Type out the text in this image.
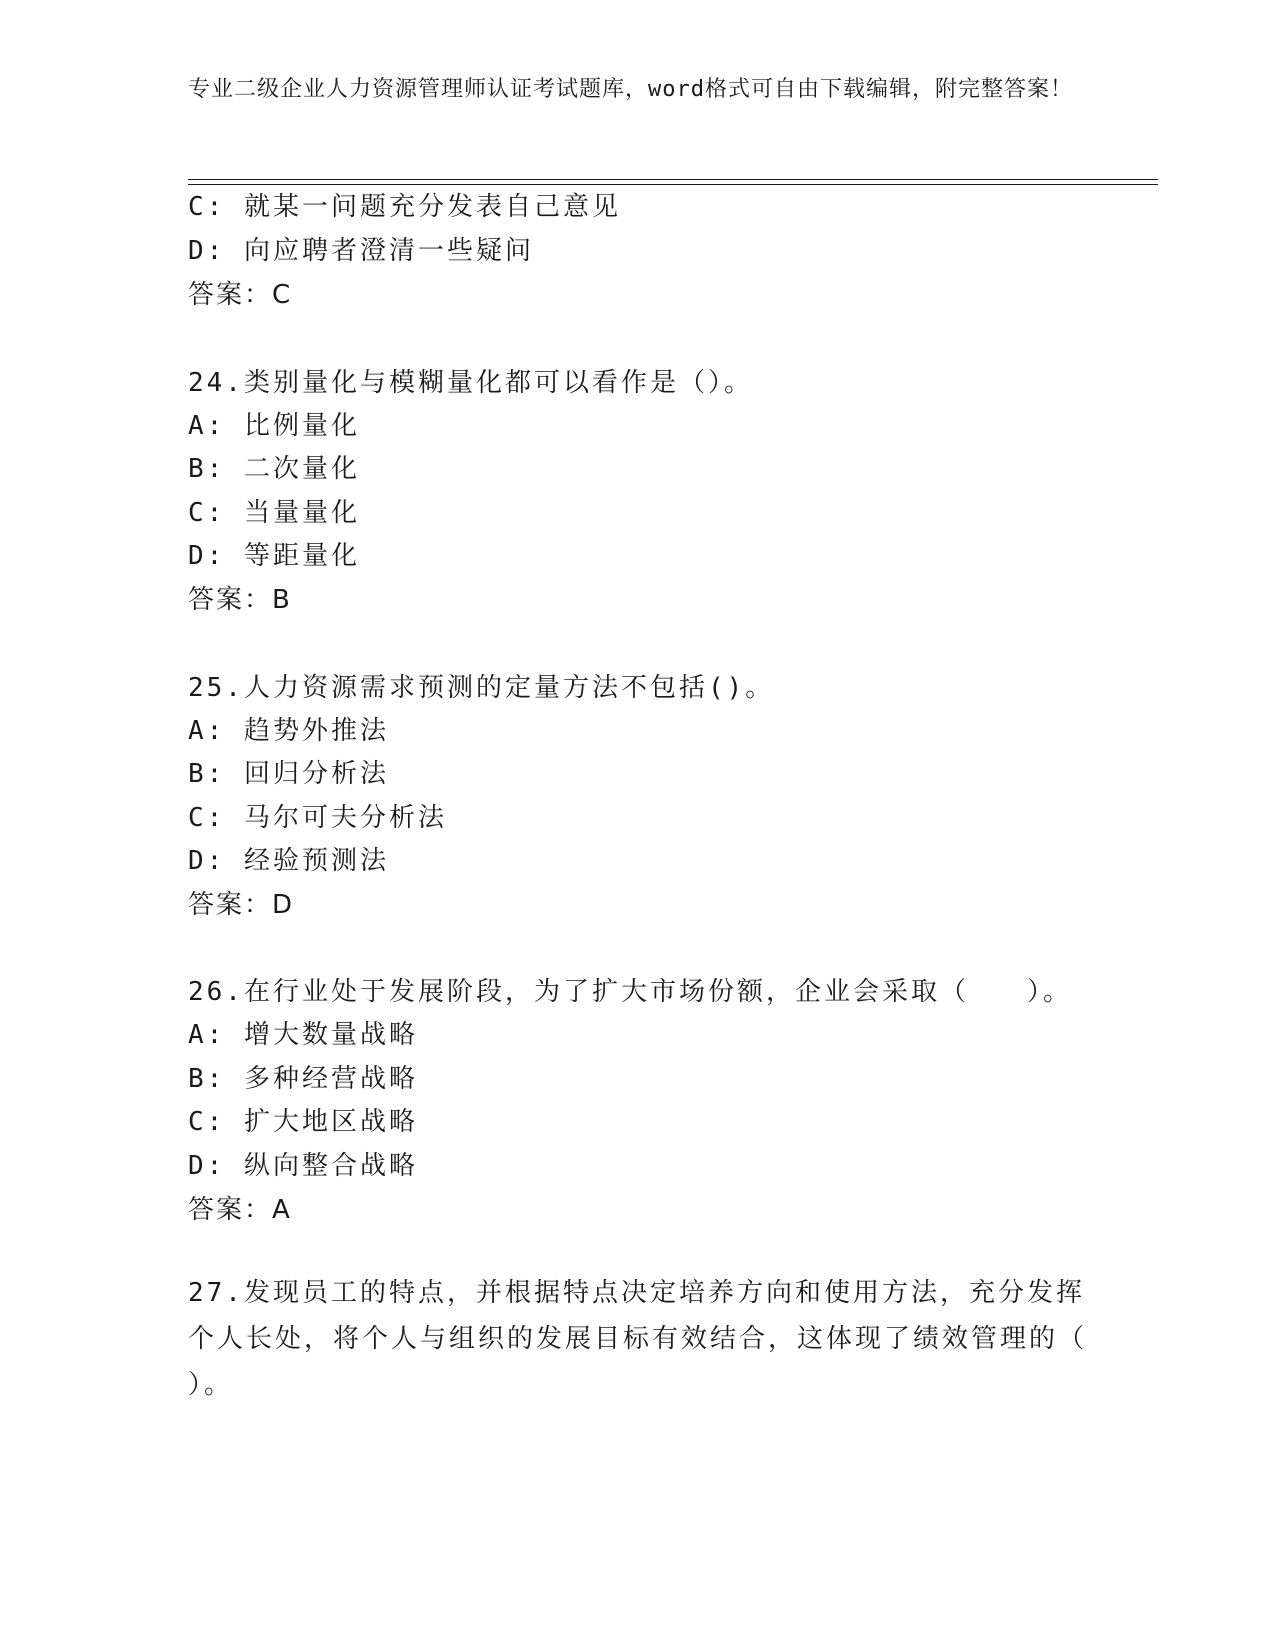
专业二级企业人力资源管理师认证考试题库，word格式可自由下载编辑，附完整答案！
C: 就某一问题充分发表自己意见
D: 向应聘者澄清一些疑问
答案：C
24.类别量化与模糊量化都可以看作是（）。
A: 比例量化
B: 二次量化
C: 当量量化
D: 等距量化
答案：B
25.人力资源需求预测的定量方法不包括()。
A: 趋势外推法
B: 回归分析法
C: 马尔可夫分析法
D: 经验预测法
答案：D
26.在行业处于发展阶段，为了扩大市场份额，企业会采取（　　）。
A: 增大数量战略
B: 多种经营战略
C: 扩大地区战略
D: 纵向整合战略
答案：A
27.发现员工的特点，并根据特点决定培养方向和使用方法，充分发挥个人长处，将个人与组织的发展目标有效结合，这体现了绩效管理的（ ）。
